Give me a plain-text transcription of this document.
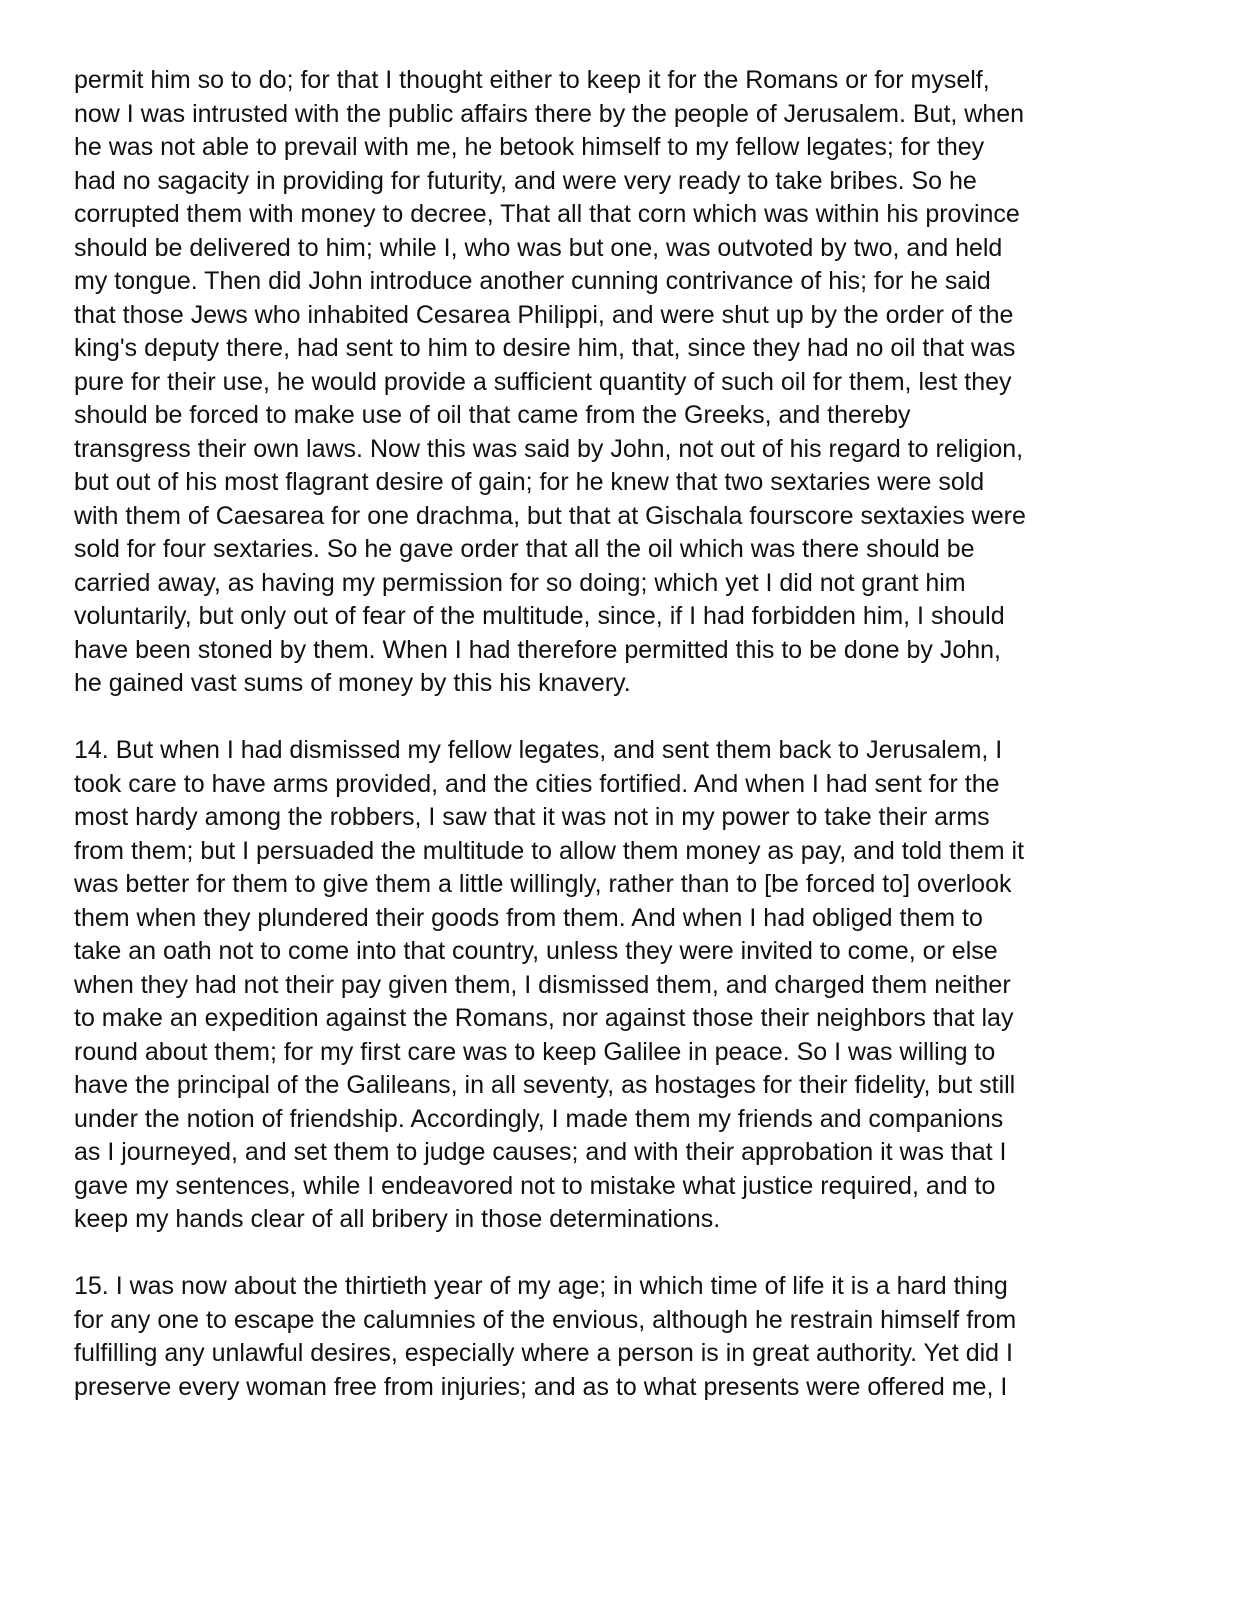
permit him so to do; for that I thought either to keep it for the Romans or for myself,
now I was intrusted with the public affairs there by the people of Jerusalem. But, when
he was not able to prevail with me, he betook himself to my fellow legates; for they
had no sagacity in providing for futurity, and were very ready to take bribes. So he
corrupted them with money to decree, That all that corn which was within his province
should be delivered to him; while I, who was but one, was outvoted by two, and held
my tongue. Then did John introduce another cunning contrivance of his; for he said
that those Jews who inhabited Cesarea Philippi, and were shut up by the order of the
king's deputy there, had sent to him to desire him, that, since they had no oil that was
pure for their use, he would provide a sufficient quantity of such oil for them, lest they
should be forced to make use of oil that came from the Greeks, and thereby
transgress their own laws. Now this was said by John, not out of his regard to religion,
but out of his most flagrant desire of gain; for he knew that two sextaries were sold
with them of Caesarea for one drachma, but that at Gischala fourscore sextaxies were
sold for four sextaries. So he gave order that all the oil which was there should be
carried away, as having my permission for so doing; which yet I did not grant him
voluntarily, but only out of fear of the multitude, since, if I had forbidden him, I should
have been stoned by them. When I had therefore permitted this to be done by John,
he gained vast sums of money by this his knavery.

14. But when I had dismissed my fellow legates, and sent them back to Jerusalem, I
took care to have arms provided, and the cities fortified. And when I had sent for the
most hardy among the robbers, I saw that it was not in my power to take their arms
from them; but I persuaded the multitude to allow them money as pay, and told them it
was better for them to give them a little willingly, rather than to [be forced to] overlook
them when they plundered their goods from them. And when I had obliged them to
take an oath not to come into that country, unless they were invited to come, or else
when they had not their pay given them, I dismissed them, and charged them neither
to make an expedition against the Romans, nor against those their neighbors that lay
round about them; for my first care was to keep Galilee in peace. So I was willing to
have the principal of the Galileans, in all seventy, as hostages for their fidelity, but still
under the notion of friendship. Accordingly, I made them my friends and companions
as I journeyed, and set them to judge causes; and with their approbation it was that I
gave my sentences, while I endeavored not to mistake what justice required, and to
keep my hands clear of all bribery in those determinations.

15. I was now about the thirtieth year of my age; in which time of life it is a hard thing
for any one to escape the calumnies of the envious, although he restrain himself from
fulfilling any unlawful desires, especially where a person is in great authority. Yet did I
preserve every woman free from injuries; and as to what presents were offered me, I
